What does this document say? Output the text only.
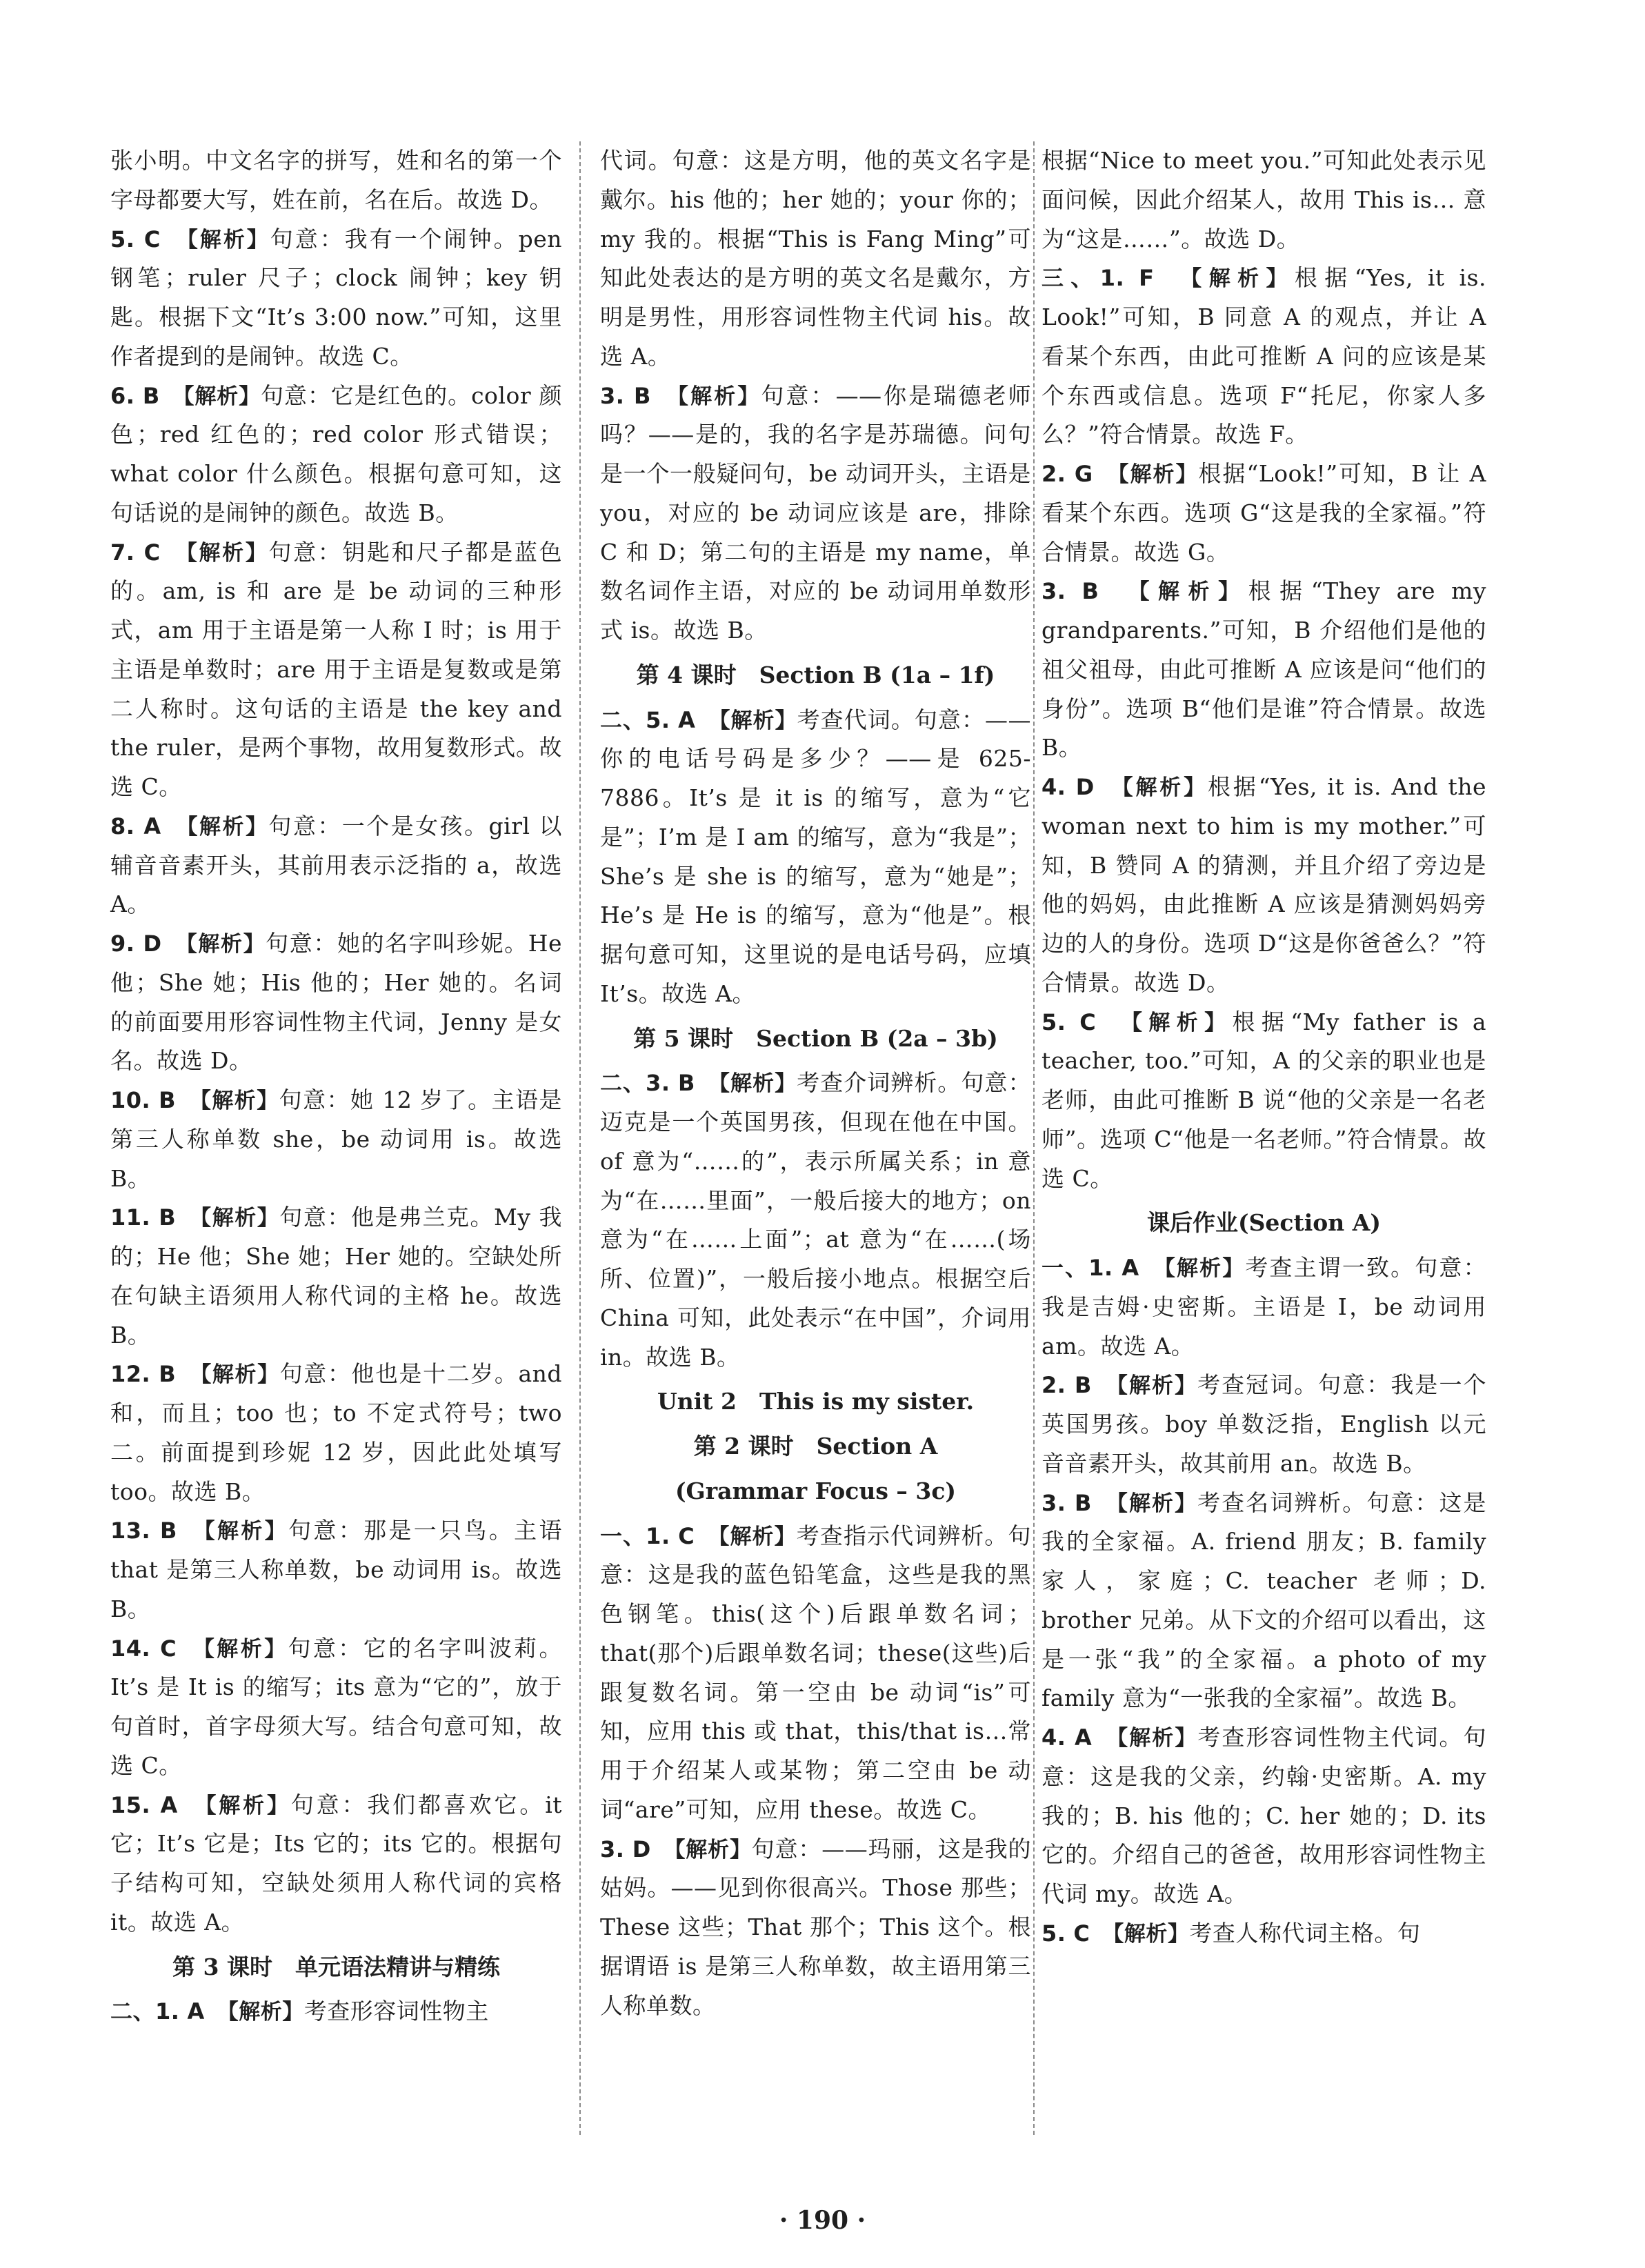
张小明。中文名字的拼写，姓和名的第一个字母都要大写，姓在前，名在后。故选 D。

5. C　 【解析】句意：我有一个闹钟。pen 钢笔；ruler 尺子；clock 闹钟；key 钥匙。根据下文“It’s 3:00 now.”可知，这里作者提到的是闹钟。故选 C。

6. B　 【解析】句意：它是红色的。color 颜色；red 红色的；red color 形式错误；what color 什么颜色。根据句意可知，这句话说的是闹钟的颜色。故选 B。

7. C　 【解析】句意：钥匙和尺子都是蓝色的。am, is 和 are 是 be 动词的三种形式，am 用于主语是第一人称 I 时；is 用于主语是单数时；are 用于主语是复数或是第二人称时。这句话的主语是 the key and the ruler，是两个事物，故用复数形式。故选 C。

8. A　 【解析】句意：一个是女孩。girl 以辅音音素开头，其前用表示泛指的 a，故选 A。

9. D　 【解析】句意：她的名字叫珍妮。He 他；She 她；His 他的；Her 她的。名词的前面要用形容词性物主代词，Jenny 是女名。故选 D。

10. B　 【解析】句意：她 12 岁了。主语是第三人称单数 she，be 动词用 is。故选 B。

11. B　 【解析】句意：他是弗兰克。My 我的；He 他；She 她；Her 她的。空缺处所在句缺主语须用人称代词的主格 he。故选 B。

12. B　 【解析】句意：他也是十二岁。and 和，而且；too 也；to 不定式符号；two 二。前面提到珍妮 12 岁，因此此处填写 too。故选 B。

13. B　 【解析】句意：那是一只鸟。主语 that 是第三人称单数，be 动词用 is。故选 B。

14. C　 【解析】句意：它的名字叫波莉。It’s 是 It is 的缩写；its 意为“它的”，放于句首时，首字母须大写。结合句意可知，故选 C。

15. A　 【解析】句意：我们都喜欢它。it 它；It’s 它是；Its 它的；its 它的。根据句子结构可知，空缺处须用人称代词的宾格 it。故选 A。

第 3 课时　单元语法精讲与精练

二、1. A　 【解析】考查形容词性物主

代词。句意：这是方明，他的英文名字是戴尔。his 他的；her 她的；your 你的；my 我的。根据“This is Fang Ming”可知此处表达的是方明的英文名是戴尔，方明是男性，用形容词性物主代词 his。故选 A。

3. B　 【解析】句意：——你是瑞德老师吗？——是的，我的名字是苏瑞德。问句是一个一般疑问句，be 动词开头，主语是 you，对应的 be 动词应该是 are，排除 C 和 D；第二句的主语是 my name，单数名词作主语，对应的 be 动词用单数形式 is。故选 B。

第 4 课时　Section B (1a – 1f)

二、5. A　 【解析】考查代词。句意：——你的电话号码是多少？——是 625-7886。It’s 是 it is 的缩写，意为“它是”；I’m 是 I am 的缩写，意为“我是”；She’s 是 she is 的缩写，意为“她是”；He’s 是 He is 的缩写，意为“他是”。根据句意可知，这里说的是电话号码，应填 It’s。故选 A。

第 5 课时　Section B (2a – 3b)

二、3. B　 【解析】考查介词辨析。句意：迈克是一个英国男孩，但现在他在中国。of 意为“……的”，表示所属关系；in 意为“在……里面”，一般后接大的地方；on 意为“在……上面”；at 意为“在……(场所、位置)”，一般后接小地点。根据空后 China 可知，此处表示“在中国”，介词用 in。故选 B。

Unit 2　This is my sister.

第 2 课时　Section A

(Grammar Focus – 3c)

一、1. C　 【解析】考查指示代词辨析。句意：这是我的蓝色铅笔盒，这些是我的黑色钢笔。this(这个)后跟单数名词；that(那个)后跟单数名词；these(这些)后跟复数名词。第一空由 be 动词“is”可知，应用 this 或 that，this/that is…常用于介绍某人或某物；第二空由 be 动词“are”可知，应用 these。故选 C。

3. D　 【解析】句意：——玛丽，这是我的姑妈。——见到你很高兴。Those 那些；These 这些；That 那个；This 这个。根据谓语 is 是第三人称单数，故主语用第三人称单数。

根据“Nice to meet you.”可知此处表示见面问候，因此介绍某人，故用 This is… 意为“这是……”。故选 D。

三、1. F　 【解析】根据“Yes, it is. Look!”可知，B 同意 A 的观点，并让 A 看某个东西，由此可推断 A 问的应该是某个东西或信息。选项 F“托尼，你家人多么？”符合情景。故选 F。

2. G　 【解析】根据“Look!”可知，B 让 A 看某个东西。选项 G“这是我的全家福。”符合情景。故选 G。

3. B　 【解析】根据“They are my grandparents.”可知，B 介绍他们是他的祖父祖母，由此可推断 A 应该是问“他们的身份”。选项 B“他们是谁”符合情景。故选 B。

4. D　 【解析】根据“Yes, it is. And the woman next to him is my mother.”可知，B 赞同 A 的猜测，并且介绍了旁边是他的妈妈，由此推断 A 应该是猜测妈妈旁边的人的身份。选项 D“这是你爸爸么？”符合情景。故选 D。

5. C　 【解析】根据“My father is a teacher, too.”可知，A 的父亲的职业也是老师，由此可推断 B 说“他的父亲是一名老师”。选项 C“他是一名老师。”符合情景。故选 C。

课后作业(Section A)

一、1. A　 【解析】考查主谓一致。句意：我是吉姆·史密斯。主语是 I，be 动词用 am。故选 A。

2. B　 【解析】考查冠词。句意：我是一个英国男孩。boy 单数泛指，English 以元音音素开头，故其前用 an。故选 B。

3. B　 【解析】考查名词辨析。句意：这是我的全家福。A. friend 朋友；B. family 家人，家庭；C. teacher 老师；D. brother 兄弟。从下文的介绍可以看出，这是一张“我”的全家福。a photo of my family 意为“一张我的全家福”。故选 B。

4. A　 【解析】考查形容词性物主代词。句意：这是我的父亲，约翰·史密斯。A. my 我的；B. his 他的；C. her 她的；D. its 它的。介绍自己的爸爸，故用形容词性物主代词 my。故选 A。

5. C　 【解析】考查人称代词主格。句

· 190 ·
